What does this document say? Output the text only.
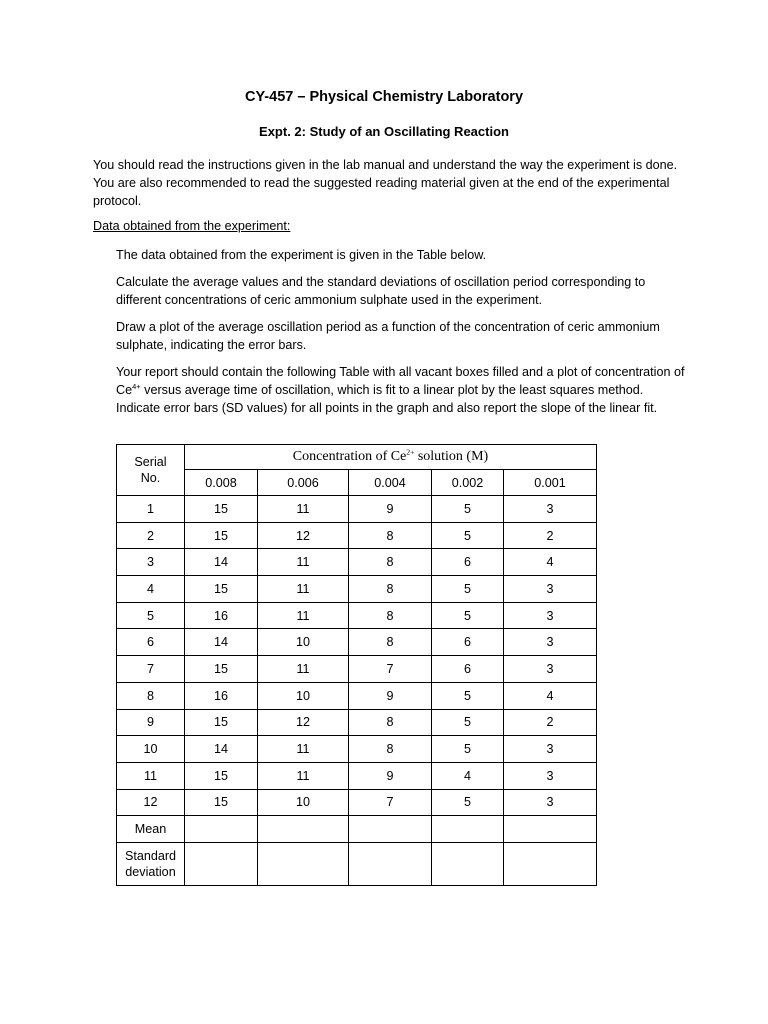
CY-457 – Physical Chemistry Laboratory
Expt. 2: Study of an Oscillating Reaction

You should read the instructions given in the lab manual and understand the way the experiment is done. You are also recommended to read the suggested reading material given at the end of the experimental protocol.

Data obtained from the experiment:

The data obtained from the experiment is given in the Table below.

Calculate the average values and the standard deviations of oscillation period corresponding to different concentrations of ceric ammonium sulphate used in the experiment.

Draw a plot of the average oscillation period as a function of the concentration of ceric ammonium sulphate, indicating the error bars.

Your report should contain the following Table with all vacant boxes filled and a plot of concentration of $Ce^{4+}$ versus average time of oscillation, which is fit to a linear plot by the least squares method. Indicate error bars (SD values) for all points in the graph and also report the slope of the linear fit.

Serial
No.	Concentration of $Ce^{2+}$ solution (M)				
	0.008	0.006	0.004	0.002	0.001
1	15	11	9	5	3
2	15	12	8	5	2
3	14	11	8	6	4
4	15	11	8	5	3
5	16	11	8	5	3
6	14	10	8	6	3
7	15	11	7	6	3
8	16	10	9	5	4
9	15	12	8	5	2
10	14	11	8	5	3
11	15	11	9	4	3
12	15	10	7	5	3
Mean					
Standard
deviation					
